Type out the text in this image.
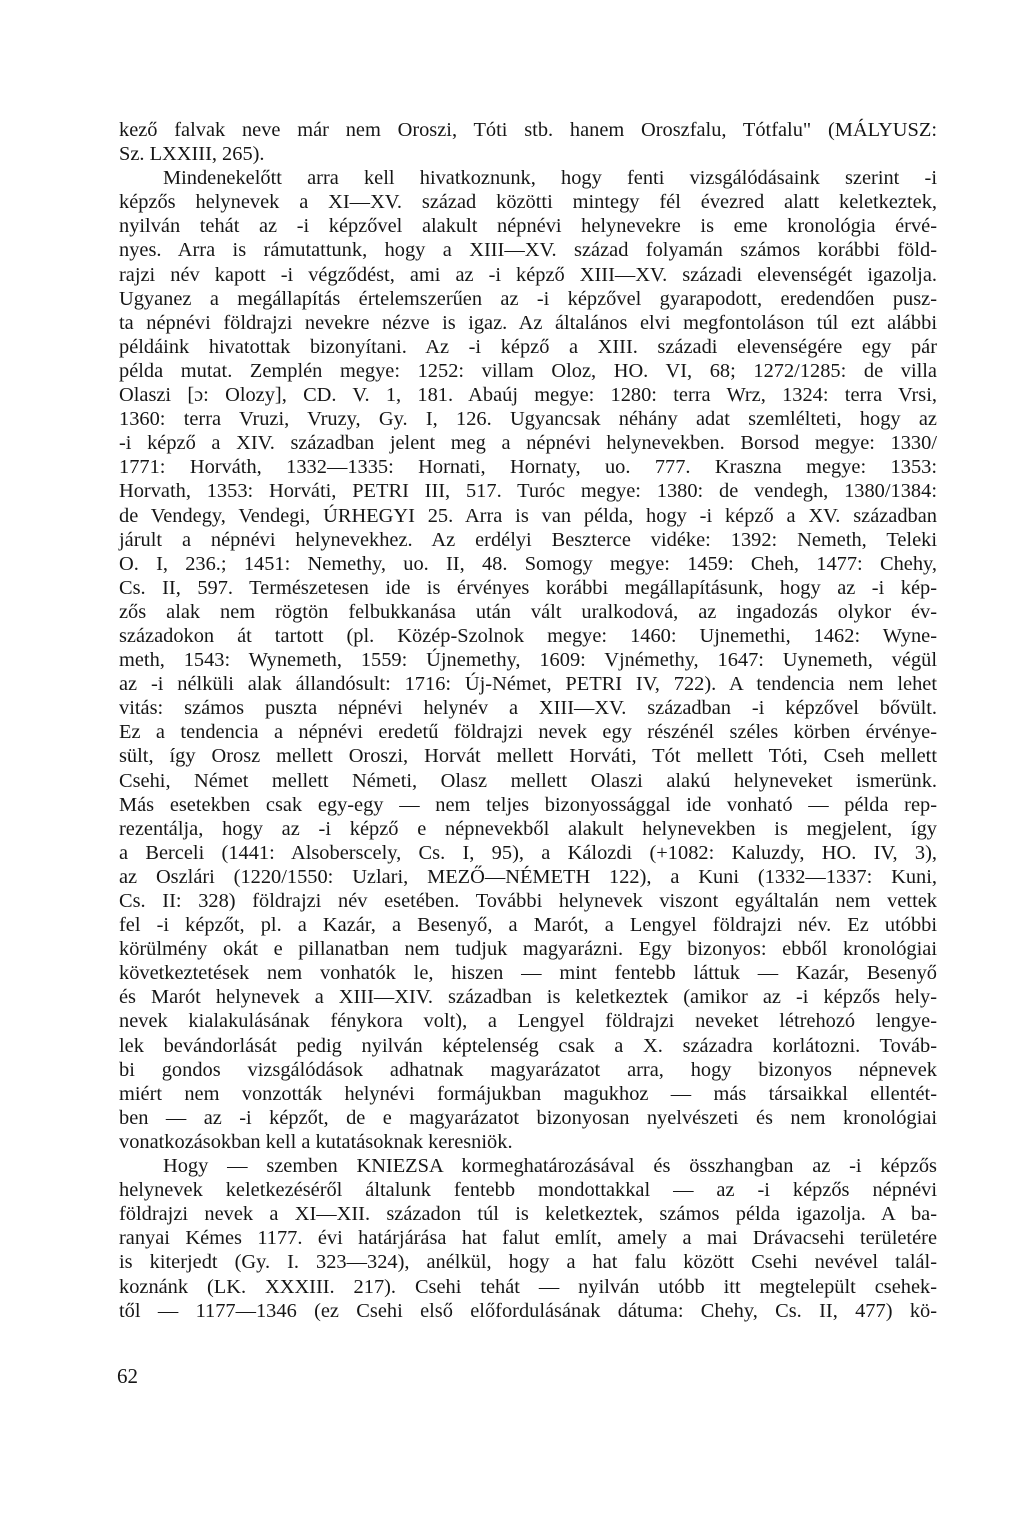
kező falvak neve már nem Oroszi, Tóti stb. hanem Oroszfalu, Tótfalu" (MÁLYUSZ:
Sz. LXXIII, 265).
Mindenekelőtt arra kell hivatkoznunk, hogy fenti vizsgálódásaink szerint -i
képzős helynevek a XI—XV. század közötti mintegy fél évezred alatt keletkeztek,
nyilván tehát az -i képzővel alakult népnévi helynevekre is eme kronológia érvé-
nyes. Arra is rámutattunk, hogy a XIII—XV. század folyamán számos korábbi föld-
rajzi név kapott -i végződést, ami az -i képző XIII—XV. századi elevenségét igazolja.
Ugyanez a megállapítás értelemszerűen az -i képzővel gyarapodott, eredendően pusz-
ta népnévi földrajzi nevekre nézve is igaz. Az általános elvi megfontoláson túl ezt alábbi
példáink hivatottak bizonyítani. Az -i képző a XIII. századi elevenségére egy pár
példa mutat. Zemplén megye: 1252: villam Oloz, HO. VI, 68; 1272/1285: de villa
Olaszi [ɔ: Olozy], CD. V. 1, 181. Abaúj megye: 1280: terra Wrz, 1324: terra Vrsi,
1360: terra Vruzi, Vruzy, Gy. I, 126. Ugyancsak néhány adat szemlélteti, hogy az
-i képző a XIV. században jelent meg a népnévi helynevekben. Borsod megye: 1330/
1771: Horváth, 1332—1335: Hornati, Hornaty, uo. 777. Kraszna megye: 1353:
Horvath, 1353: Horváti, PETRI III, 517. Turóc megye: 1380: de vendegh, 1380/1384:
de Vendegy, Vendegi, ÚRHEGYI 25. Arra is van példa, hogy -i képző a XV. században
járult a népnévi helynevekhez. Az erdélyi Beszterce vidéke: 1392: Nemeth, Teleki
O. I, 236.; 1451: Nemethy, uo. II, 48. Somogy megye: 1459: Cheh, 1477: Chehy,
Cs. II, 597. Természetesen ide is érvényes korábbi megállapításunk, hogy az -i kép-
zős alak nem rögtön felbukkanása után vált uralkodová, az ingadozás olykor év-
századokon át tartott (pl. Közép-Szolnok megye: 1460: Ujnemethi, 1462: Wyne-
meth, 1543: Wynemeth, 1559: Újnemethy, 1609: Vjnémethy, 1647: Uynemeth, végül
az -i nélküli alak állandósult: 1716: Új-Német, PETRI IV, 722). A tendencia nem lehet
vitás: számos puszta népnévi helynév a XIII—XV. században -i képzővel bővült.
Ez a tendencia a népnévi eredetű földrajzi nevek egy részénél széles körben érvénye-
sült, így Orosz mellett Oroszi, Horvát mellett Horváti, Tót mellett Tóti, Cseh mellett
Csehi, Német mellett Németi, Olasz mellett Olaszi alakú helyneveket ismerünk.
Más esetekben csak egy-egy — nem teljes bizonyossággal ide vonható — példa rep-
rezentálja, hogy az -i képző e népnevekből alakult helynevekben is megjelent, így
a Berceli (1441: Alsoberscely, Cs. I, 95), a Kálozdi (+1082: Kaluzdy, HO. IV, 3),
az Oszlári (1220/1550: Uzlari, MEZŐ—NÉMETH 122), a Kuni (1332—1337: Kuni,
Cs. II: 328) földrajzi név esetében. További helynevek viszont egyáltalán nem vettek
fel -i képzőt, pl. a Kazár, a Besenyő, a Marót, a Lengyel földrajzi név. Ez utóbbi
körülmény okát e pillanatban nem tudjuk magyarázni. Egy bizonyos: ebből kronológiai
következtetések nem vonhatók le, hiszen — mint fentebb láttuk — Kazár, Besenyő
és Marót helynevek a XIII—XIV. században is keletkeztek (amikor az -i képzős hely-
nevek kialakulásának fénykora volt), a Lengyel földrajzi neveket létrehozó lengye-
lek bevándorlását pedig nyilván képtelenség csak a X. századra korlátozni. Továb-
bi gondos vizsgálódások adhatnak magyarázatot arra, hogy bizonyos népnevek
miért nem vonzották helynévi formájukban magukhoz — más társaikkal ellentét-
ben — az -i képzőt, de e magyarázatot bizonyosan nyelvészeti és nem kronológiai
vonatkozásokban kell a kutatásoknak keresniök.
Hogy — szemben KNIEZSA kormeghatározásával és összhangban az -i képzős
helynevek keletkezéséről általunk fentebb mondottakkal — az -i képzős népnévi
földrajzi nevek a XI—XII. századon túl is keletkeztek, számos példa igazolja. A ba-
ranyai Kémes 1177. évi határjárása hat falut említ, amely a mai Drávacsehi területére
is kiterjedt (Gy. I. 323—324), anélkül, hogy a hat falu között Csehi nevével talál-
koznánk (LK. XXXIII. 217). Csehi tehát — nyilván utóbb itt megtelepült csehek-
től — 1177—1346 (ez Csehi első előfordulásának dátuma: Chehy, Cs. II, 477) kö-
62
